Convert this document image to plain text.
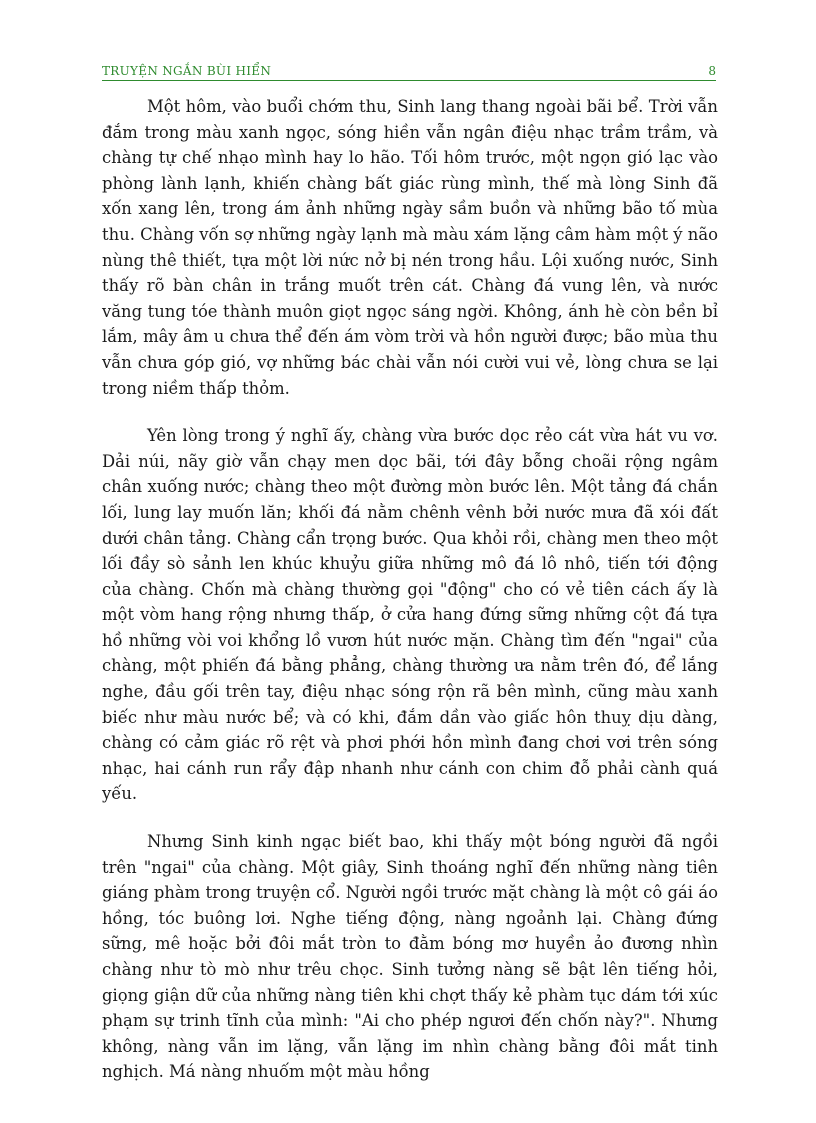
TRUYỆN NGẮN BÙI HIỂN	8

Một hôm, vào buổi chớm thu, Sinh lang thang ngoài bãi bể. Trời vẫn đắm trong màu xanh ngọc, sóng hiền vẫn ngân điệu nhạc trầm trầm, và chàng tự chế nhạo mình hay lo hão. Tối hôm trước, một ngọn gió lạc vào phòng lành lạnh, khiến chàng bất giác rùng mình, thế mà lòng Sinh đã xốn xang lên, trong ám ảnh những ngày sầm buồn và những bão tố mùa thu. Chàng vốn sợ những ngày lạnh mà màu xám lặng câm hàm một ý não nùng thê thiết, tựa một lời nức nở bị nén trong hầu. Lội xuống nước, Sinh thấy rõ bàn chân in trắng muốt trên cát. Chàng đá vung lên, và nước văng tung tóe thành muôn giọt ngọc sáng ngời. Không, ánh hè còn bền bỉ lắm, mây âm u chưa thể đến ám vòm trời và hồn người được; bão mùa thu vẫn chưa góp gió, vợ những bác chài vẫn nói cười vui vẻ, lòng chưa se lại trong niềm thấp thỏm.

Yên lòng trong ý nghĩ ấy, chàng vừa bước dọc rẻo cát vừa hát vu vơ. Dải núi, nãy giờ vẫn chạy men dọc bãi, tới đây bỗng choãi rộng ngâm chân xuống nước; chàng theo một đường mòn bước lên. Một tảng đá chắn lối, lung lay muốn lăn; khối đá nằm chênh vênh bởi nước mưa đã xói đất dưới chân tảng. Chàng cẩn trọng bước. Qua khỏi rồi, chàng men theo một lối đầy sò sảnh len khúc khuỷu giữa những mô đá lô nhô, tiến tới động của chàng. Chốn mà chàng thường gọi "động" cho có vẻ tiên cách ấy là một vòm hang rộng nhưng thấp, ở cửa hang đứng sững những cột đá tựa hồ những vòi voi khổng lồ vươn hút nước mặn. Chàng tìm đến "ngai" của chàng, một phiến đá bằng phẳng, chàng thường ưa nằm trên đó, để lắng nghe, đầu gối trên tay, điệu nhạc sóng rộn rã bên mình, cũng màu xanh biếc như màu nước bể; và có khi, đắm dần vào giấc hôn thuỵ dịu dàng, chàng có cảm giác rõ rệt và phơi phới hồn mình đang chơi vơi trên sóng nhạc, hai cánh run rẩy đập nhanh như cánh con chim đỗ phải cành quá yếu.

Nhưng Sinh kinh ngạc biết bao, khi thấy một bóng người đã ngồi trên "ngai" của chàng. Một giây, Sinh thoáng nghĩ đến những nàng tiên giáng phàm trong truyện cổ. Người ngồi trước mặt chàng là một cô gái áo hồng, tóc buông lơi. Nghe tiếng động, nàng ngoảnh lại. Chàng đứng sững, mê hoặc bởi đôi mắt tròn to đằm bóng mơ huyền ảo đương nhìn chàng như tò mò như trêu chọc. Sinh tưởng nàng sẽ bật lên tiếng hỏi, giọng giận dữ của những nàng tiên khi chợt thấy kẻ phàm tục dám tới xúc phạm sự trinh tĩnh của mình: "Ai cho phép ngươi đến chốn này?". Nhưng không, nàng vẫn im lặng, vẫn lặng im nhìn chàng bằng đôi mắt tinh nghịch. Má nàng nhuốm một màu hồng
